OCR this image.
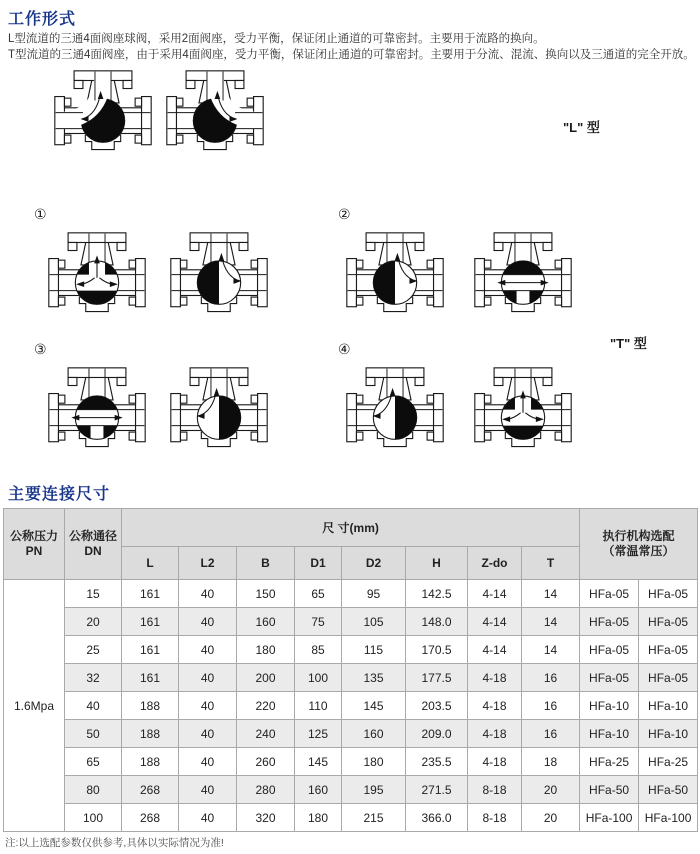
工作形式

L型流道的三通4面阀座球阀，采用2面阀座，受力平衡，保证闭止通道的可靠密封。主要用于流路的换向。

T型流道的三通4面阀座，由于采用4面阀座，受力平衡，保证闭止通道的可靠密封。主要用于分流、混流、换向以及三通道的完全开放。

"L" 型
①	②
③	④	"T" 型
主要连接尺寸
公称压力
PN	公称通径
DN	尺 寸(mm)								执行机构选配
（常温常压）	

		L	L2	B	D1	D2	H	Z-do	T		
1.6Mpa	15	161	40	150	65	95	142.5	4-14	14	HFa-05	HFa-05
	20	161	40	160	75	105	148.0	4-14	14	HFa-05	HFa-05
	25	161	40	180	85	115	170.5	4-14	14	HFa-05	HFa-05
	32	161	40	200	100	135	177.5	4-18	16	HFa-05	HFa-05
	40	188	40	220	110	145	203.5	4-18	16	HFa-10	HFa-10
	50	188	40	240	125	160	209.0	4-18	16	HFa-10	HFa-10
	65	188	40	260	145	180	235.5	4-18	18	HFa-25	HFa-25
	80	268	40	280	160	195	271.5	8-18	20	HFa-50	HFa-50
	100	268	40	320	180	215	366.0	8-18	20	HFa-100	HFa-100

注:以上选配参数仅供参考,具体以实际情况为准!
